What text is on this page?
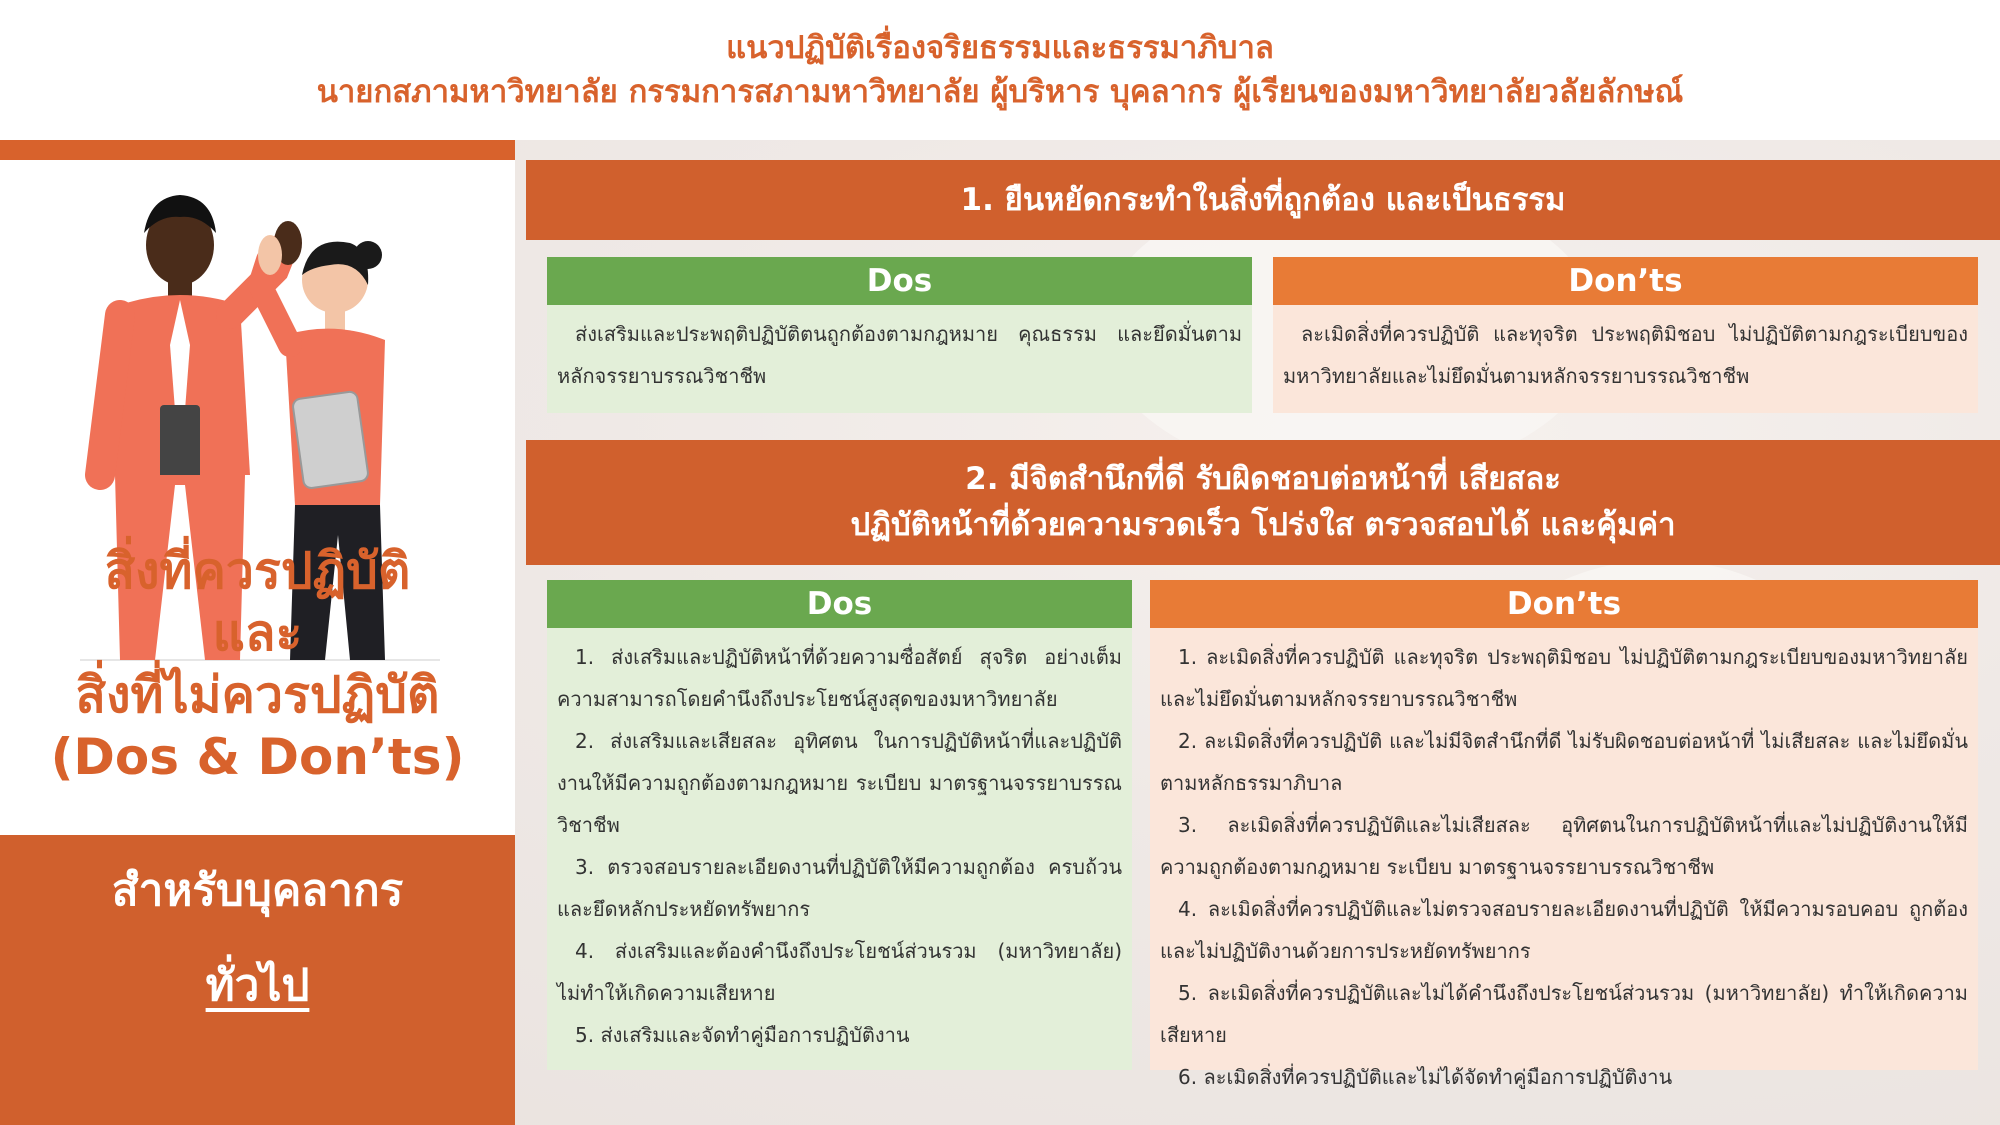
แนวปฏิบัติเรื่องจริยธรรมและธรรมาภิบาล
นายกสภามหาวิทยาลัย กรรมการสภามหาวิทยาลัย ผู้บริหาร บุคลากร ผู้เรียนของมหาวิทยาลัยวลัยลักษณ์
สิ่งที่ควรปฏิบัติ
และ
สิ่งที่ไม่ควรปฏิบัติ
(Dos & Don’ts)
สำหรับบุคลากร
ทั่วไป
1. ยืนหยัดกระทำในสิ่งที่ถูกต้อง และเป็นธรรม
Dos	Don’ts

ส่งเสริมและประพฤติปฏิบัติตนถูกต้องตามกฎหมาย คุณธรรม และยึดมั่นตามหลักจรรยาบรรณวิชาชีพ

ละเมิดสิ่งที่ควรปฏิบัติ และทุจริต ประพฤติมิชอบ ไม่ปฏิบัติตามกฎระเบียบของมหาวิทยาลัยและไม่ยึดมั่นตามหลักจรรยาบรรณวิชาชีพ

2. มีจิตสำนึกที่ดี รับผิดชอบต่อหน้าที่ เสียสละ
ปฏิบัติหน้าที่ด้วยความรวดเร็ว โปร่งใส ตรวจสอบได้ และคุ้มค่า
Dos	Don’ts

1. ส่งเสริมและปฏิบัติหน้าที่ด้วยความซื่อสัตย์ สุจริต อย่างเต็มความสามารถโดยคำนึงถึงประโยชน์สูงสุดของมหาวิทยาลัย

2. ส่งเสริมและเสียสละ อุทิศตน ในการปฏิบัติหน้าที่และปฏิบัติงานให้มีความถูกต้องตามกฎหมาย ระเบียบ มาตรฐานจรรยาบรรณวิชาชีพ

3. ตรวจสอบรายละเอียดงานที่ปฏิบัติให้มีความถูกต้อง ครบถ้วนและยึดหลักประหยัดทรัพยากร

4. ส่งเสริมและต้องคำนึงถึงประโยชน์ส่วนรวม (มหาวิทยาลัย) ไม่ทำให้เกิดความเสียหาย

5. ส่งเสริมและจัดทำคู่มือการปฏิบัติงาน

1. ละเมิดสิ่งที่ควรปฏิบัติ และทุจริต ประพฤติมิชอบ ไม่ปฏิบัติตามกฎระเบียบของมหาวิทยาลัยและไม่ยึดมั่นตามหลักจรรยาบรรณวิชาชีพ

2. ละเมิดสิ่งที่ควรปฏิบัติ และไม่มีจิตสำนึกที่ดี ไม่รับผิดชอบต่อหน้าที่ ไม่เสียสละ และไม่ยึดมั่นตามหลักธรรมาภิบาล

3. ละเมิดสิ่งที่ควรปฏิบัติและไม่เสียสละ อุทิศตนในการปฏิบัติหน้าที่และไม่ปฏิบัติงานให้มีความถูกต้องตามกฎหมาย ระเบียบ มาตรฐานจรรยาบรรณวิชาชีพ

4. ละเมิดสิ่งที่ควรปฏิบัติและไม่ตรวจสอบรายละเอียดงานที่ปฏิบัติ ให้มีความรอบคอบ ถูกต้อง และไม่ปฏิบัติงานด้วยการประหยัดทรัพยากร

5. ละเมิดสิ่งที่ควรปฏิบัติและไม่ได้คำนึงถึงประโยชน์ส่วนรวม (มหาวิทยาลัย) ทำให้เกิดความเสียหาย

6. ละเมิดสิ่งที่ควรปฏิบัติและไม่ได้จัดทำคู่มือการปฏิบัติงาน
